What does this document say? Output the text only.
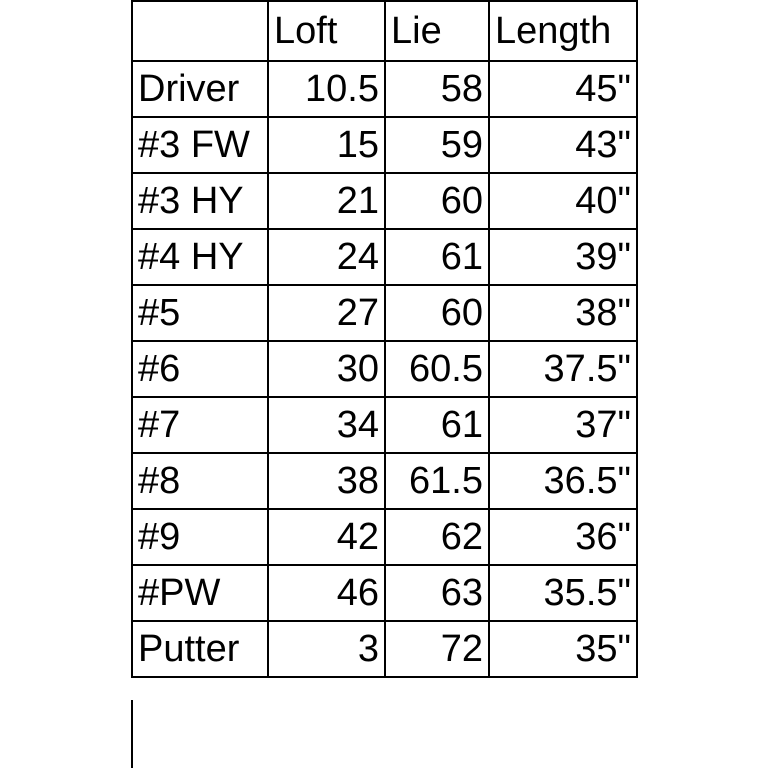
	Loft	Lie	Length
Driver	10.5	58	45"
#3 FW	15	59	43"
#3 HY	21	60	40"
#4 HY	24	61	39"
#5	27	60	38"
#6	30	60.5	37.5"
#7	34	61	37"
#8	38	61.5	36.5"
#9	42	62	36"
#PW	46	63	35.5"
Putter	3	72	35"
